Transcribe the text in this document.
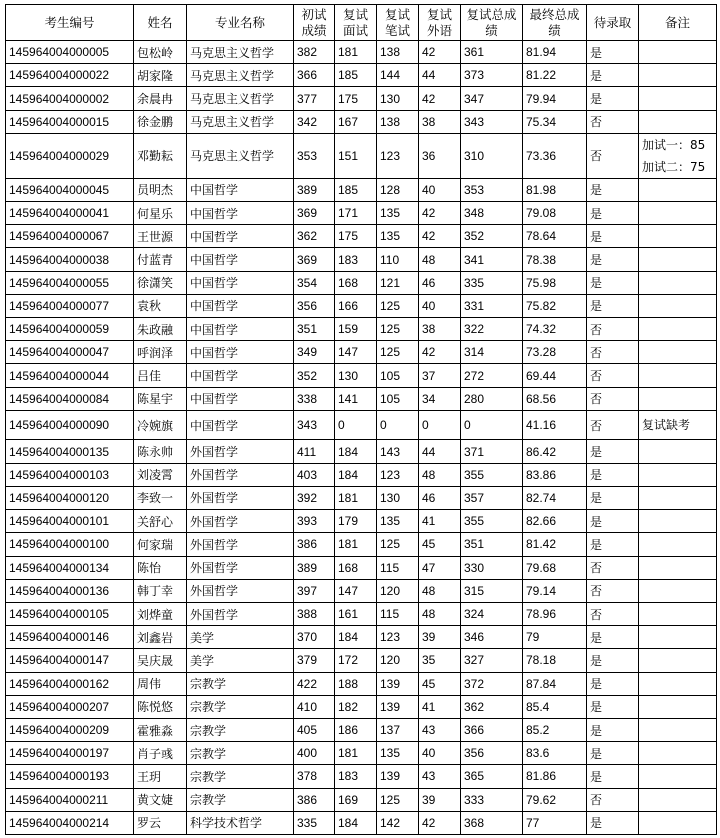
考生编号	姓名	专业名称	初试成绩	复试面试	复试笔试	复试外语	复试总成绩	最终总成绩	待录取	备注
145964004000005	包松岭	马克思主义哲学	382	181	138	42	361	81.94	是	
145964004000022	胡家隆	马克思主义哲学	366	185	144	44	373	81.22	是	
145964004000002	余晨冉	马克思主义哲学	377	175	130	42	347	79.94	是	
145964004000015	徐金鹏	马克思主义哲学	342	167	138	38	343	75.34	否	
145964004000029	邓勤耘	马克思主义哲学	353	151	123	36	310	73.36	否	加试一：85
加试二：75

145964004000045	员明杰	中国哲学	389	185	128	40	353	81.98	是	
145964004000041	何星乐	中国哲学	369	171	135	42	348	79.08	是	
145964004000067	王世源	中国哲学	362	175	135	42	352	78.64	是	
145964004000038	付蓝青	中国哲学	369	183	110	48	341	78.38	是	
145964004000055	徐潇笑	中国哲学	354	168	121	46	335	75.98	是	
145964004000077	袁秋	中国哲学	356	166	125	40	331	75.82	是	
145964004000059	朱政融	中国哲学	351	159	125	38	322	74.32	否	
145964004000047	呼润泽	中国哲学	349	147	125	42	314	73.28	否	
145964004000044	吕佳	中国哲学	352	130	105	37	272	69.44	否	
145964004000084	陈星宇	中国哲学	338	141	105	34	280	68.56	否	
145964004000090	冷婉旗	中国哲学	343	0	0	0	0	41.16	否	复试缺考
145964004000135	陈永帅	外国哲学	411	184	143	44	371	86.42	是	
145964004000103	刘凌霄	外国哲学	403	184	123	48	355	83.86	是	
145964004000120	李致一	外国哲学	392	181	130	46	357	82.74	是	
145964004000101	关舒心	外国哲学	393	179	135	41	355	82.66	是	
145964004000100	何家瑞	外国哲学	386	181	125	45	351	81.42	是	
145964004000134	陈怡	外国哲学	389	168	115	47	330	79.68	否	
145964004000136	韩丁幸	外国哲学	397	147	120	48	315	79.14	否	
145964004000105	刘烨童	外国哲学	388	161	115	48	324	78.96	否	
145964004000146	刘鑫岩	美学	370	184	123	39	346	79	是	
145964004000147	吴庆晟	美学	379	172	120	35	327	78.18	是	
145964004000162	周伟	宗教学	422	188	139	45	372	87.84	是	
145964004000207	陈悦悠	宗教学	410	182	139	41	362	85.4	是	
145964004000209	霍雅淼	宗教学	405	186	137	43	366	85.2	是	
145964004000197	肖子彧	宗教学	400	181	135	40	356	83.6	是	
145964004000193	王玥	宗教学	378	183	139	43	365	81.86	是	
145964004000211	黄文婕	宗教学	386	169	125	39	333	79.62	否	
145964004000214	罗云	科学技术哲学	335	184	142	42	368	77	是	
